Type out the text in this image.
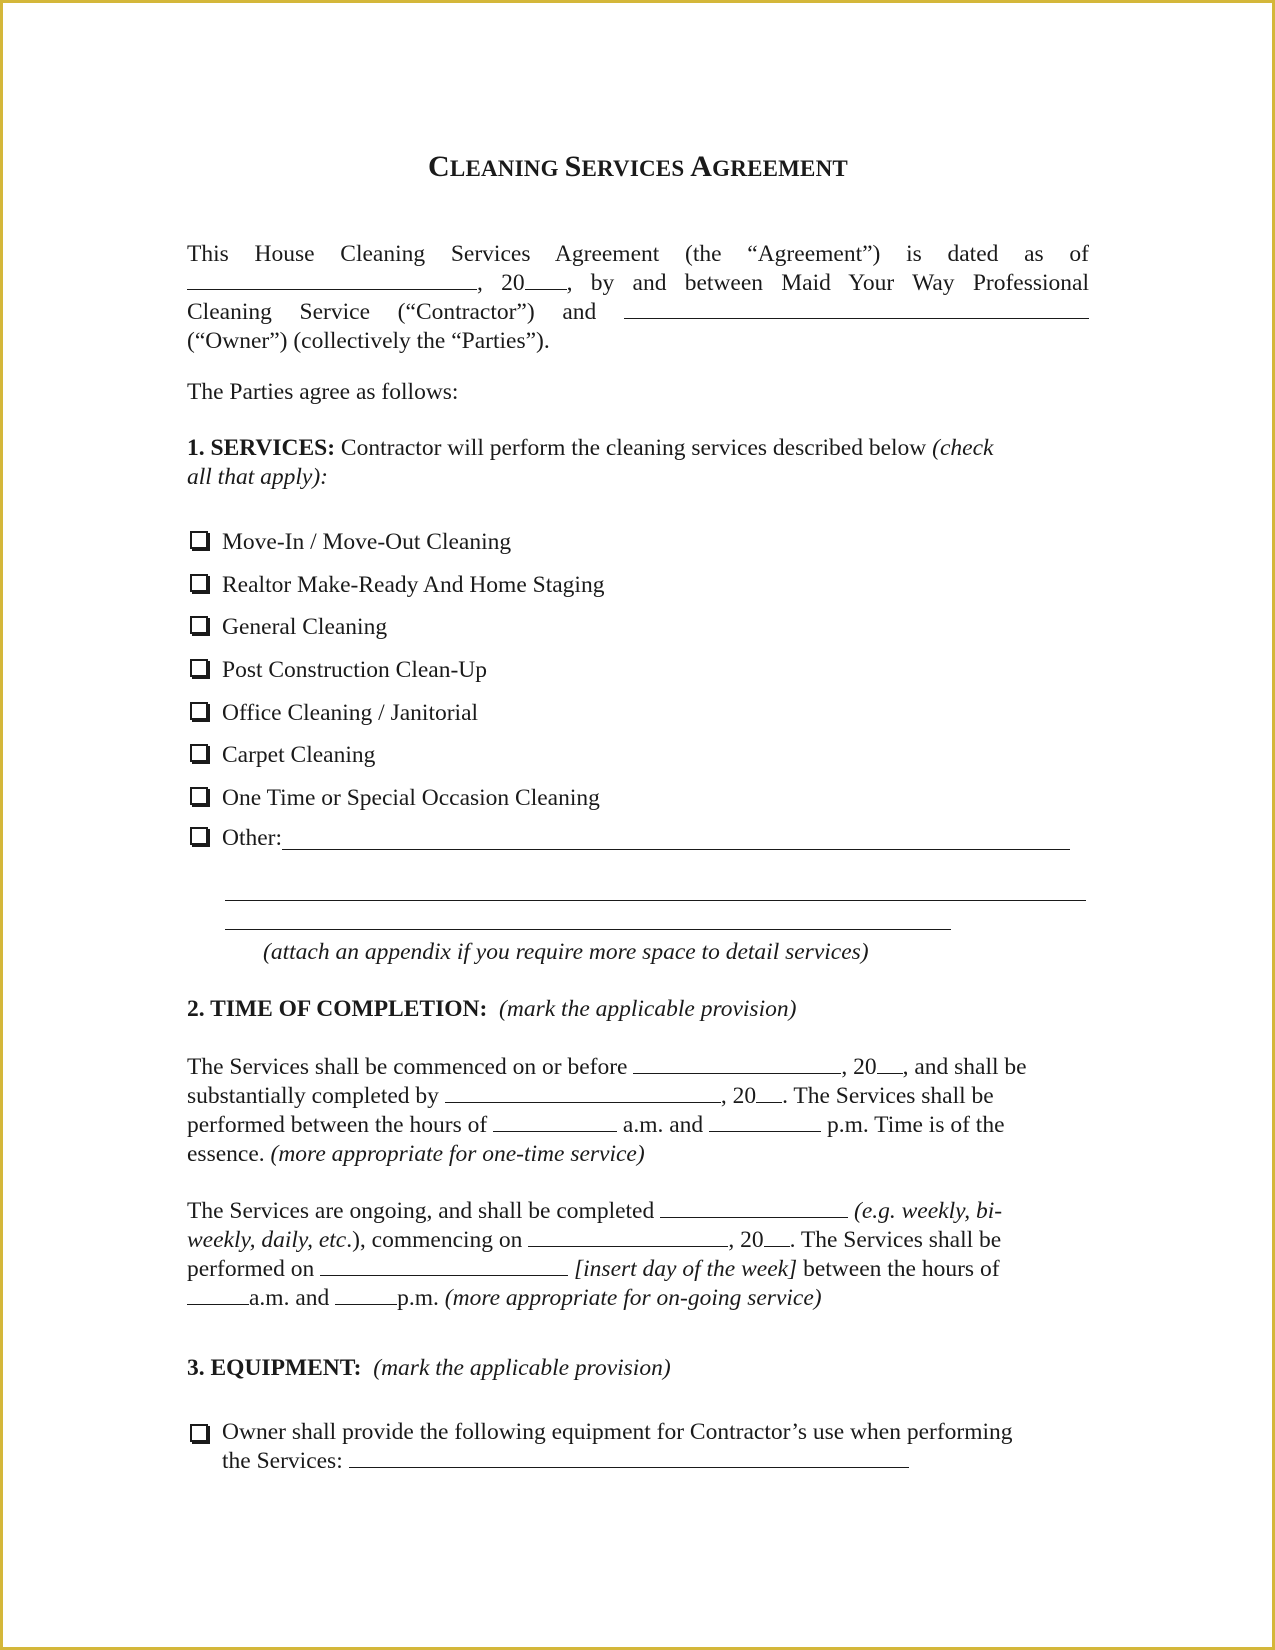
CLEANING SERVICES AGREEMENT
This House Cleaning Services Agreement (the “Agreement”) is dated as of
, 20 , by and between Maid Your Way Professional
Cleaning Service (“Contractor”) and
(“Owner”) (collectively the “Parties”).
The Parties agree as follows:
1. SERVICES: Contractor will perform the cleaning services described below (check
all that apply):
Move-In / Move-Out Cleaning
Realtor Make-Ready And Home Staging
General Cleaning
Post Construction Clean-Up
Office Cleaning / Janitorial
Carpet Cleaning
One Time or Special Occasion Cleaning
Other:
(attach an appendix if you require more space to detail services)
2. TIME OF COMPLETION: (mark the applicable provision)
The Services shall be commenced on or before	, 20 , and shall be
substantially completed by	, 20 . The Services shall be
performed between the hours of	a.m. and	p.m. Time is of the
essence. (more appropriate for one-time service)
The Services are ongoing, and shall be completed	(e.g. weekly, bi-
weekly, daily, etc.), commencing on	, 20 . The Services shall be
performed on	[insert day of the week] between the hours of
a.m. and	p.m. (more appropriate for on-going service)
3. EQUIPMENT: (mark the applicable provision)
Owner shall provide the following equipment for Contractor’s use when performing
the Services:
